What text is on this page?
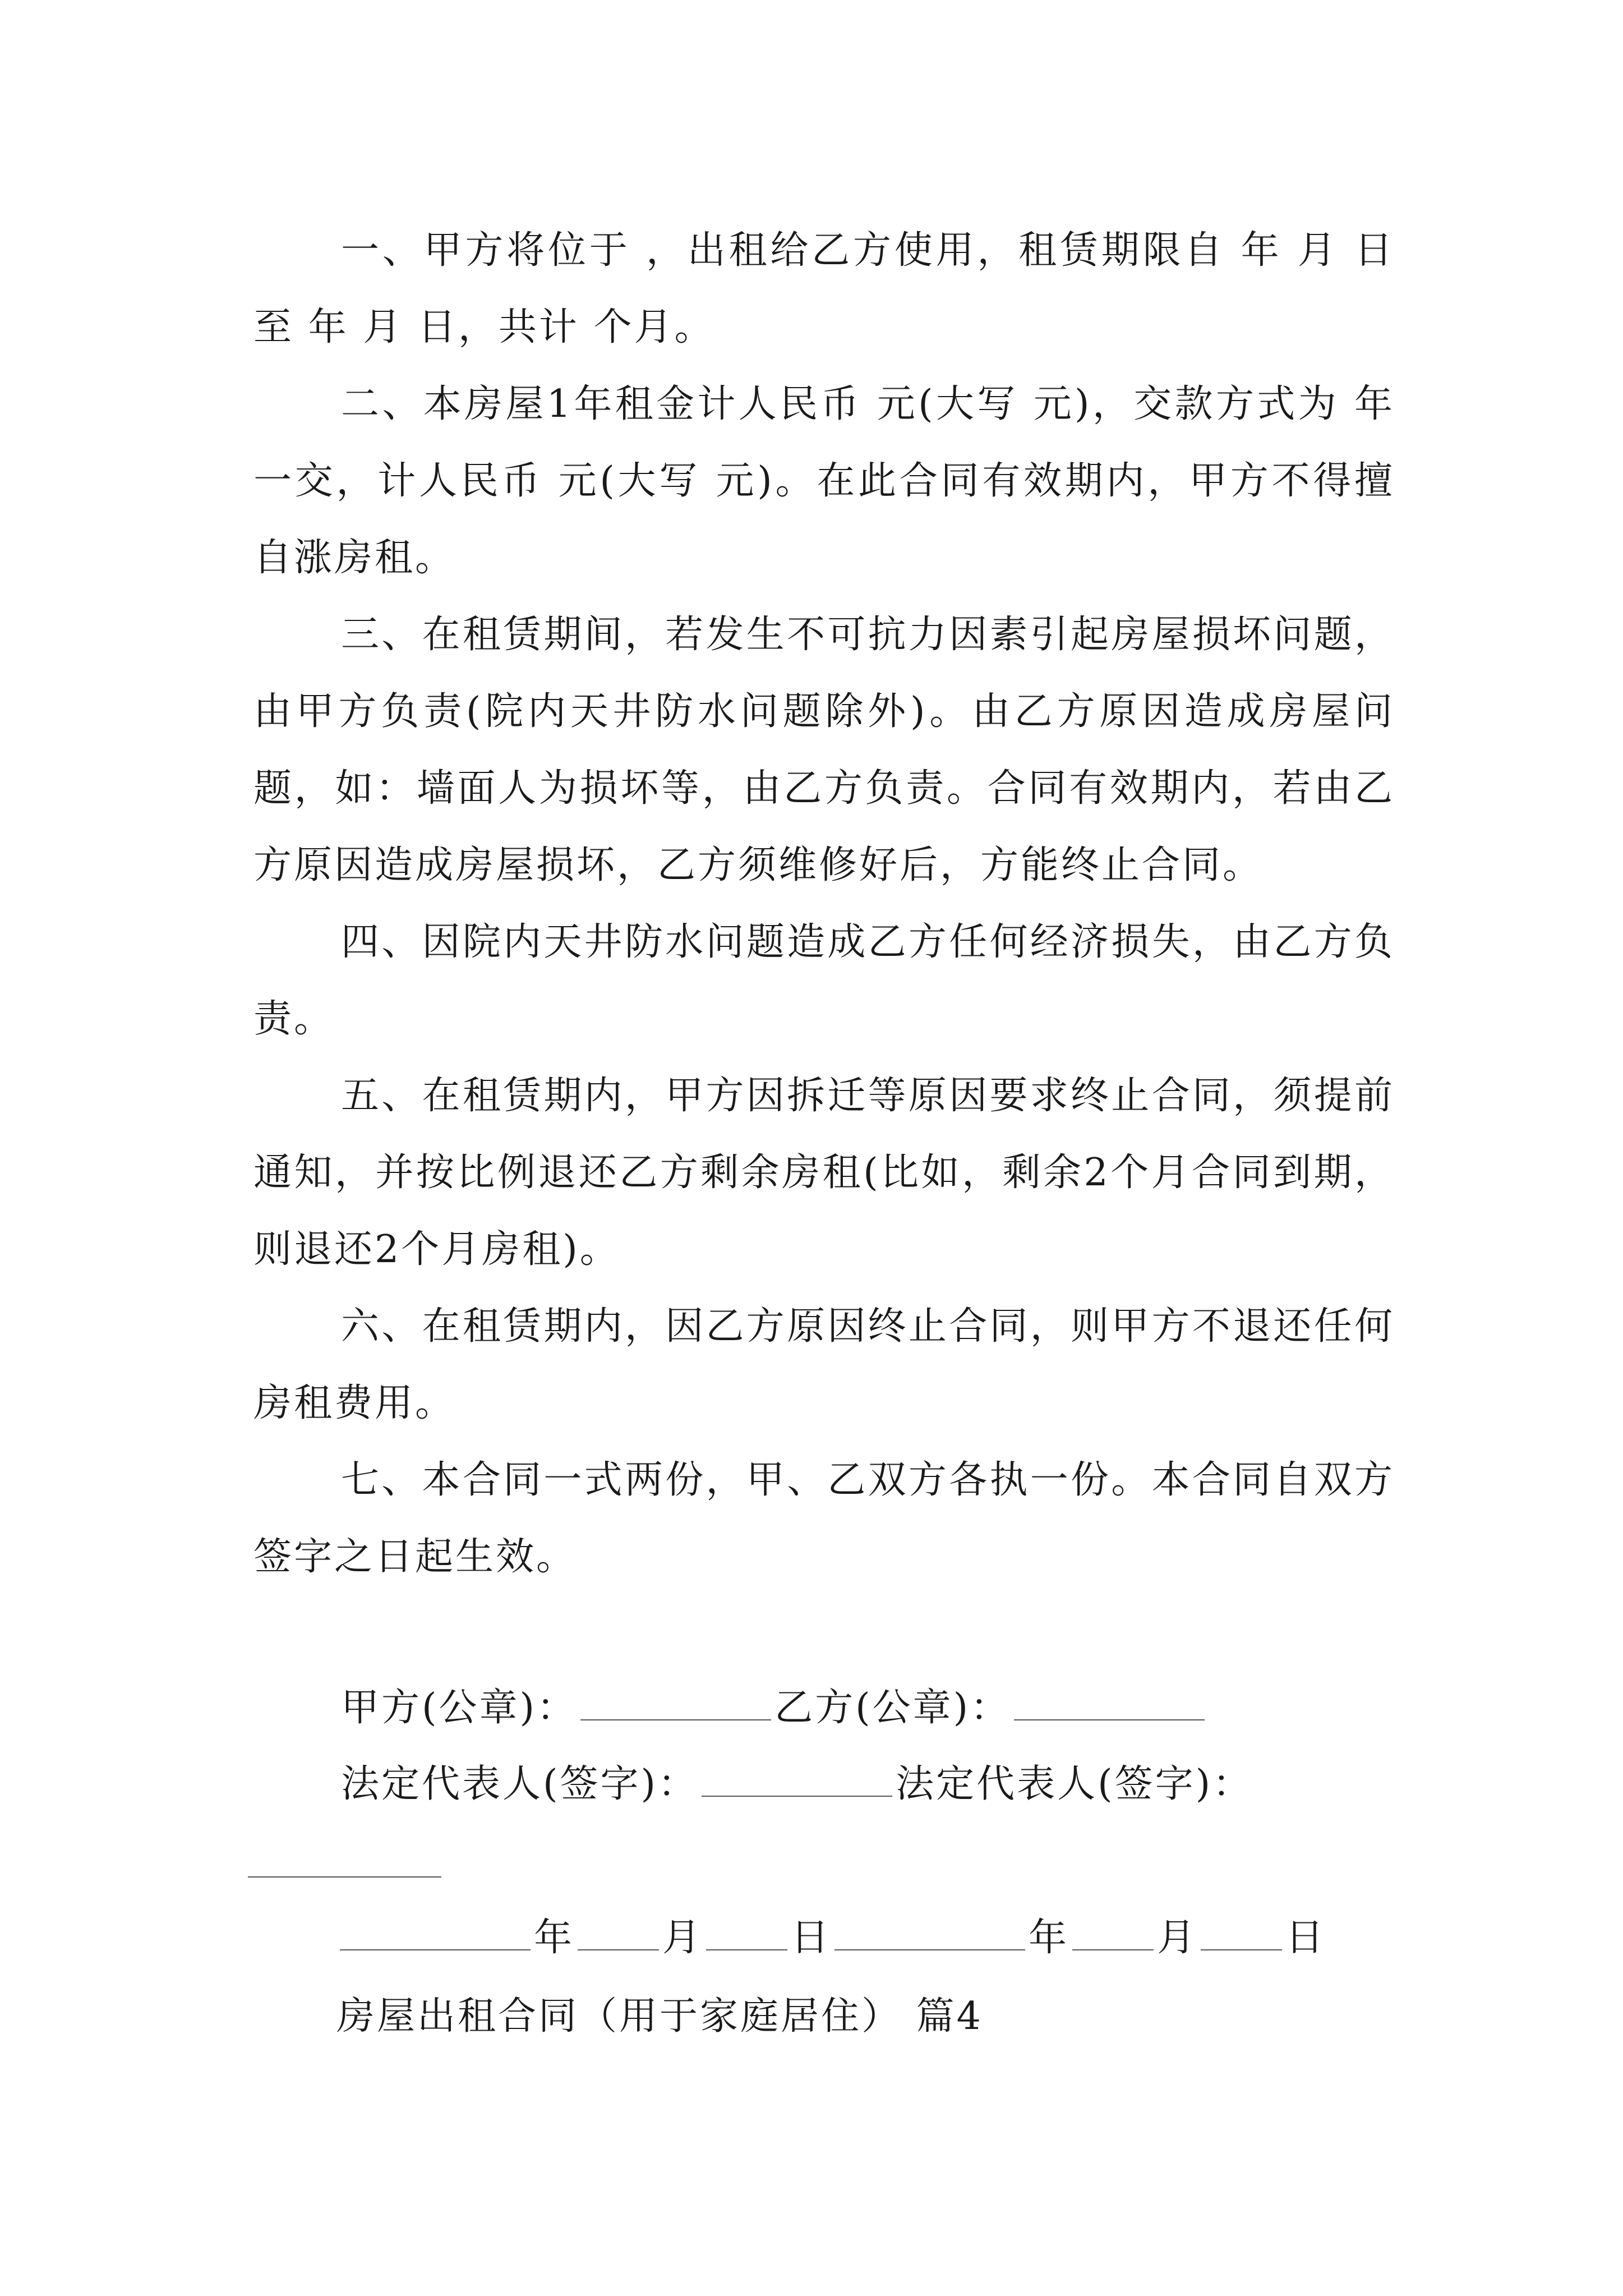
一、甲方将位于 ，出租给乙方使用，租赁期限自 年 月 日至 年 月 日，共计 个月。

二、本房屋1年租金计人民币 元(大写 元)，交款方式为 年一交，计人民币 元(大写 元)。在此合同有效期内，甲方不得擅自涨房租。

三、在租赁期间，若发生不可抗力因素引起房屋损坏问题，由甲方负责(院内天井防水问题除外)。由乙方原因造成房屋问题，如：墙面人为损坏等，由乙方负责。合同有效期内，若由乙方原因造成房屋损坏，乙方须维修好后，方能终止合同。

四、因院内天井防水问题造成乙方任何经济损失，由乙方负责。

五、在租赁期内，甲方因拆迁等原因要求终止合同，须提前通知，并按比例退还乙方剩余房租(比如，剩余2个月合同到期，则退还2个月房租)。

六、在租赁期内，因乙方原因终止合同，则甲方不退还任何房租费用。

七、本合同一式两份，甲、乙双方各执一份。本合同自双方签字之日起生效。

甲方(公章)：	乙方(公章)：
法定代表人(签字)：	法定代表人(签字)：
年 月 日	年 月 日
房屋出租合同（用于家庭居住） 篇4
